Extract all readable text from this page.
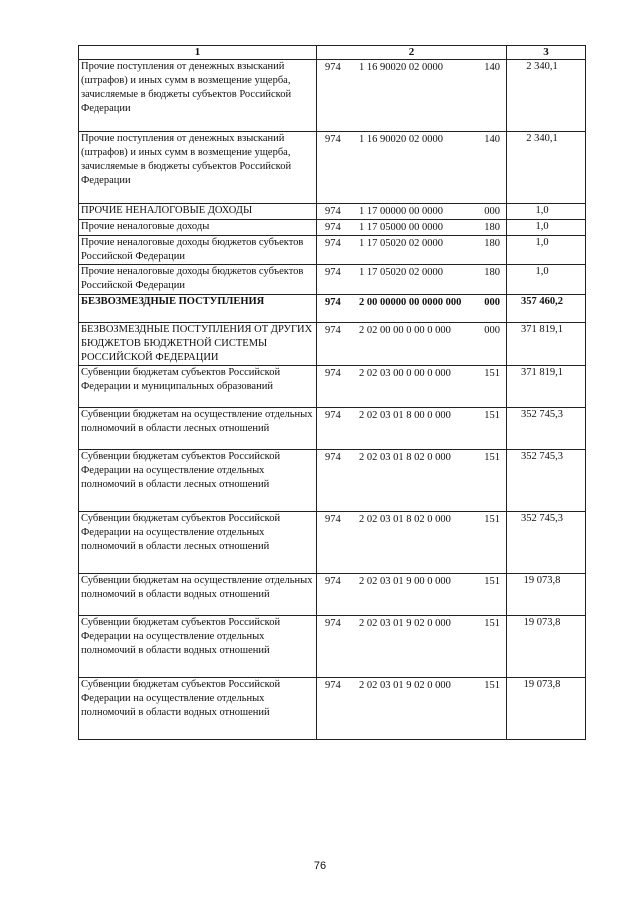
1	2	3
Прочие поступления от денежных взысканий (штрафов) и иных сумм в возмещение ущерба, зачисляемые в бюджеты субъектов Российской Федерации	974 1 16 90020 02 0000 140	2 340,1
Прочие поступления от денежных взысканий (штрафов) и иных сумм в возмещение ущерба, зачисляемые в бюджеты субъектов Российской Федерации	974 1 16 90020 02 0000 140	2 340,1
ПРОЧИЕ НЕНАЛОГОВЫЕ ДОХОДЫ	974 1 17 00000 00 0000 000	1,0
Прочие неналоговые доходы	974 1 17 05000 00 0000 180	1,0
Прочие неналоговые доходы бюджетов субъектов Российской Федерации	974 1 17 05020 02 0000 180	1,0
Прочие неналоговые доходы бюджетов субъектов Российской Федерации	974 1 17 05020 02 0000 180	1,0
БЕЗВОЗМЕЗДНЫЕ ПОСТУПЛЕНИЯ	974 2 00 00000 00 0000 000 000	357 460,2
БЕЗВОЗМЕЗДНЫЕ ПОСТУПЛЕНИЯ ОТ ДРУГИХ БЮДЖЕТОВ БЮДЖЕТНОЙ СИСТЕМЫ РОССИЙСКОЙ ФЕДЕРАЦИИ	974 2 02 00 00 0 00 0 000 000	371 819,1
Субвенции бюджетам субъектов Российской Федерации и муниципальных образований	974 2 02 03 00 0 00 0 000 151	371 819,1
Субвенции бюджетам на осуществление отдельных полномочий в области лесных отношений	974 2 02 03 01 8 00 0 000 151	352 745,3
Субвенции бюджетам субъектов Российской Федерации на осуществление отдельных полномочий в области лесных отношений	974 2 02 03 01 8 02 0 000 151	352 745,3
Субвенции бюджетам субъектов Российской Федерации на осуществление отдельных полномочий в области лесных отношений	974 2 02 03 01 8 02 0 000 151	352 745,3
Субвенции бюджетам на осуществление отдельных полномочий в области водных отношений	974 2 02 03 01 9 00 0 000 151	19 073,8
Субвенции бюджетам субъектов Российской Федерации на осуществление отдельных полномочий в области водных отношений	974 2 02 03 01 9 02 0 000 151	19 073,8
Субвенции бюджетам субъектов Российской Федерации на осуществление отдельных полномочий в области водных отношений	974 2 02 03 01 9 02 0 000 151	19 073,8
76
